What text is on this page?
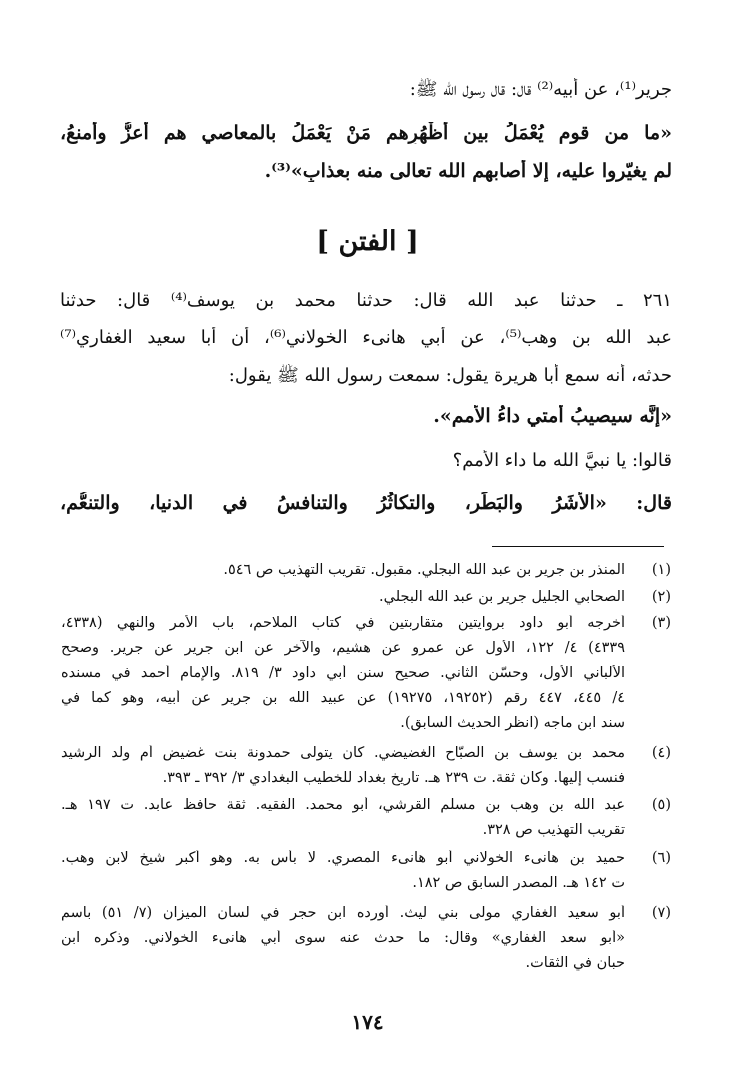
جرير⁽¹⁾، عن أبيه⁽²⁾ قال: قال رسول الله ﷺ:
«ما من قوم يُعْمَلُ بين أَظْهُرِهم مَنْ يَعْمَلُ بالمعاصي هم أعزُّ وأمنعُ،
لم يغيّروا عليه، إلا أصابهم الله تعالى منه بعذابٍ»⁽³⁾.
[ الفتن ]
٢٦١ ـ حدثنا عبد الله قال: حدثنا محمد بن يوسف⁽⁴⁾ قال: حدثنا
عبد الله بن وهب⁽⁵⁾، عن أبي هانىء الخولاني⁽⁶⁾، أن أبا سعيد الغفاري⁽⁷⁾
حدثه، أنه سمع أبا هريرة يقول: سمعت رسول الله ﷺ يقول:
«إنَّه سيصيبُ أمتي داءُ الأُمم».
قالوا: يا نبيَّ الله ما داء الأمم؟
قال: «الأَشَرُ والبَطَر، والتكاثُرُ والتنافسُ في الدنيا، والتنعُّم،
(١)
المنذر بن جرير بن عبد الله البجلي. مقبول. تقريب التهذيب ص ٥٤٦.
(٢)
الصحابي الجليل جرير بن عبد الله البجلي.
(٣)
أخرجه أبو داود بروايتين متقاربتين في كتاب الملاحم، باب الأمر والنهي (٤٣٣٨،
٤٣٣٩) ٤/ ١٢٢، الأول عن عمرو عن هشيم، والآخر عن ابن جرير عن جرير. وصحح
الألباني الأول، وحسّن الثاني. صحيح سنن أبي داود ٣/ ٨١٩. والإمام أحمد في مسنده
٤/ ٤٤٥، ٤٤٧ رقم (١٩٢٥٢، ١٩٢٧٥) عن عبيد الله بن جرير عن أبيه، وهو كما في
سند ابن ماجه (انظر الحديث السابق).
(٤)
محمد بن يوسف بن الصبّاح الغضيضي. كان يتولى حمدونة بنت غضيض أم ولد الرشيد
فنسب إليها. وكان ثقة. ت ٢٣٩ هـ. تاريخ بغداد للخطيب البغدادي ٣/ ٣٩٢ ـ ٣٩٣.
(٥)
عبد الله بن وهب بن مسلم القرشي، أبو محمد. الفقيه. ثقة حافظ عابد. ت ١٩٧ هـ.
تقريب التهذيب ص ٣٢٨.
(٦)
حميد بن هانىء الخولاني أبو هانىء المصري. لا بأس به. وهو أكبر شيخ لابن وهب.
ت ١٤٢ هـ. المصدر السابق ص ١٨٢.
(٧)
أبو سعيد الغفاري مولى بني ليث. أورده ابن حجر في لسان الميزان (٧/ ٥١) باسم
«أبو سعد الغفاري» وقال: ما حدث عنه سوى أبي هانىء الخولاني. وذكره ابن
حبان في الثقات.
١٧٤
